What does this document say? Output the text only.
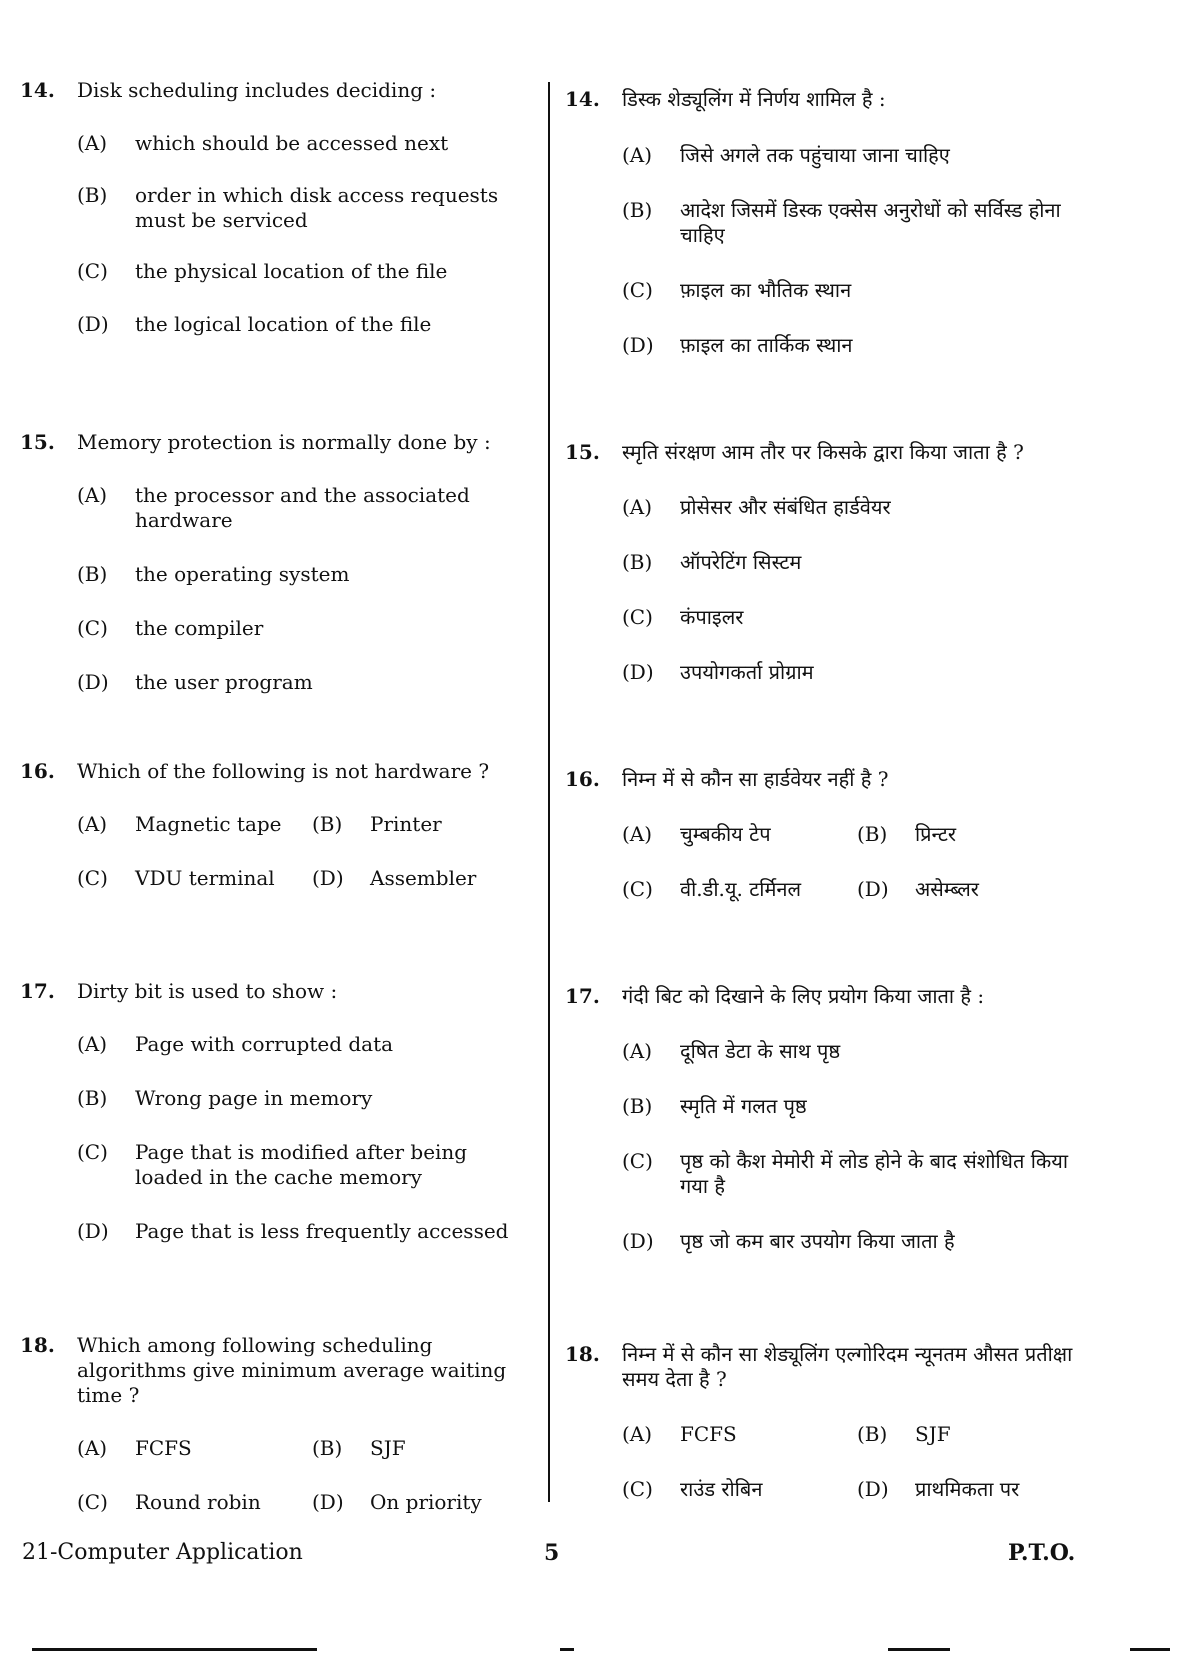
14.	Disk scheduling includes deciding :
(A)	which should be accessed next
(B)	order in which disk access requests must be serviced
(C)	the physical location of the file
(D)	the logical location of the file
15.	Memory protection is normally done by :
(A)	the processor and the associated hardware
(B)	the operating system
(C)	the compiler
(D)	the user program
16.	Which of the following is not hardware ?
(A)	Magnetic tape	(B)	Printer
(C)	VDU terminal	(D)	Assembler
17.	Dirty bit is used to show :
(A)	Page with corrupted data
(B)	Wrong page in memory
(C)	Page that is modified after being loaded in the cache memory
(D)	Page that is less frequently accessed
18.	Which among following scheduling algorithms give minimum average waiting time ?
(A)	FCFS	(B)	SJF
(C)	Round robin	(D)	On priority
14.	डिस्क शेड्यूलिंग में निर्णय शामिल है :
(A)	जिसे अगले तक पहुंचाया जाना चाहिए
(B)	आदेश जिसमें डिस्क एक्सेस अनुरोधों को सर्विस्ड होना चाहिए
(C)	फ़ाइल का भौतिक स्थान
(D)	फ़ाइल का तार्किक स्थान
15.	स्मृति संरक्षण आम तौर पर किसके द्वारा किया जाता है ?
(A)	प्रोसेसर और संबंधित हार्डवेयर
(B)	ऑपरेटिंग सिस्टम
(C)	कंपाइलर
(D)	उपयोगकर्ता प्रोग्राम
16.	निम्न में से कौन सा हार्डवेयर नहीं है ?
(A)	चुम्बकीय टेप	(B)	प्रिन्टर
(C)	वी.डी.यू. टर्मिनल	(D)	असेम्ब्लर
17.	गंदी बिट को दिखाने के लिए प्रयोग किया जाता है :
(A)	दूषित डेटा के साथ पृष्ठ
(B)	स्मृति में गलत पृष्ठ
(C)	पृष्ठ को कैश मेमोरी में लोड होने के बाद संशोधित किया गया है
(D)	पृष्ठ जो कम बार उपयोग किया जाता है
18.	निम्न में से कौन सा शेड्यूलिंग एल्गोरिदम न्यूनतम औसत प्रतीक्षा समय देता है ?
(A)	FCFS	(B)	SJF
(C)	राउंड रोबिन	(D)	प्राथमिकता पर
21-Computer Application	5	P.T.O.
